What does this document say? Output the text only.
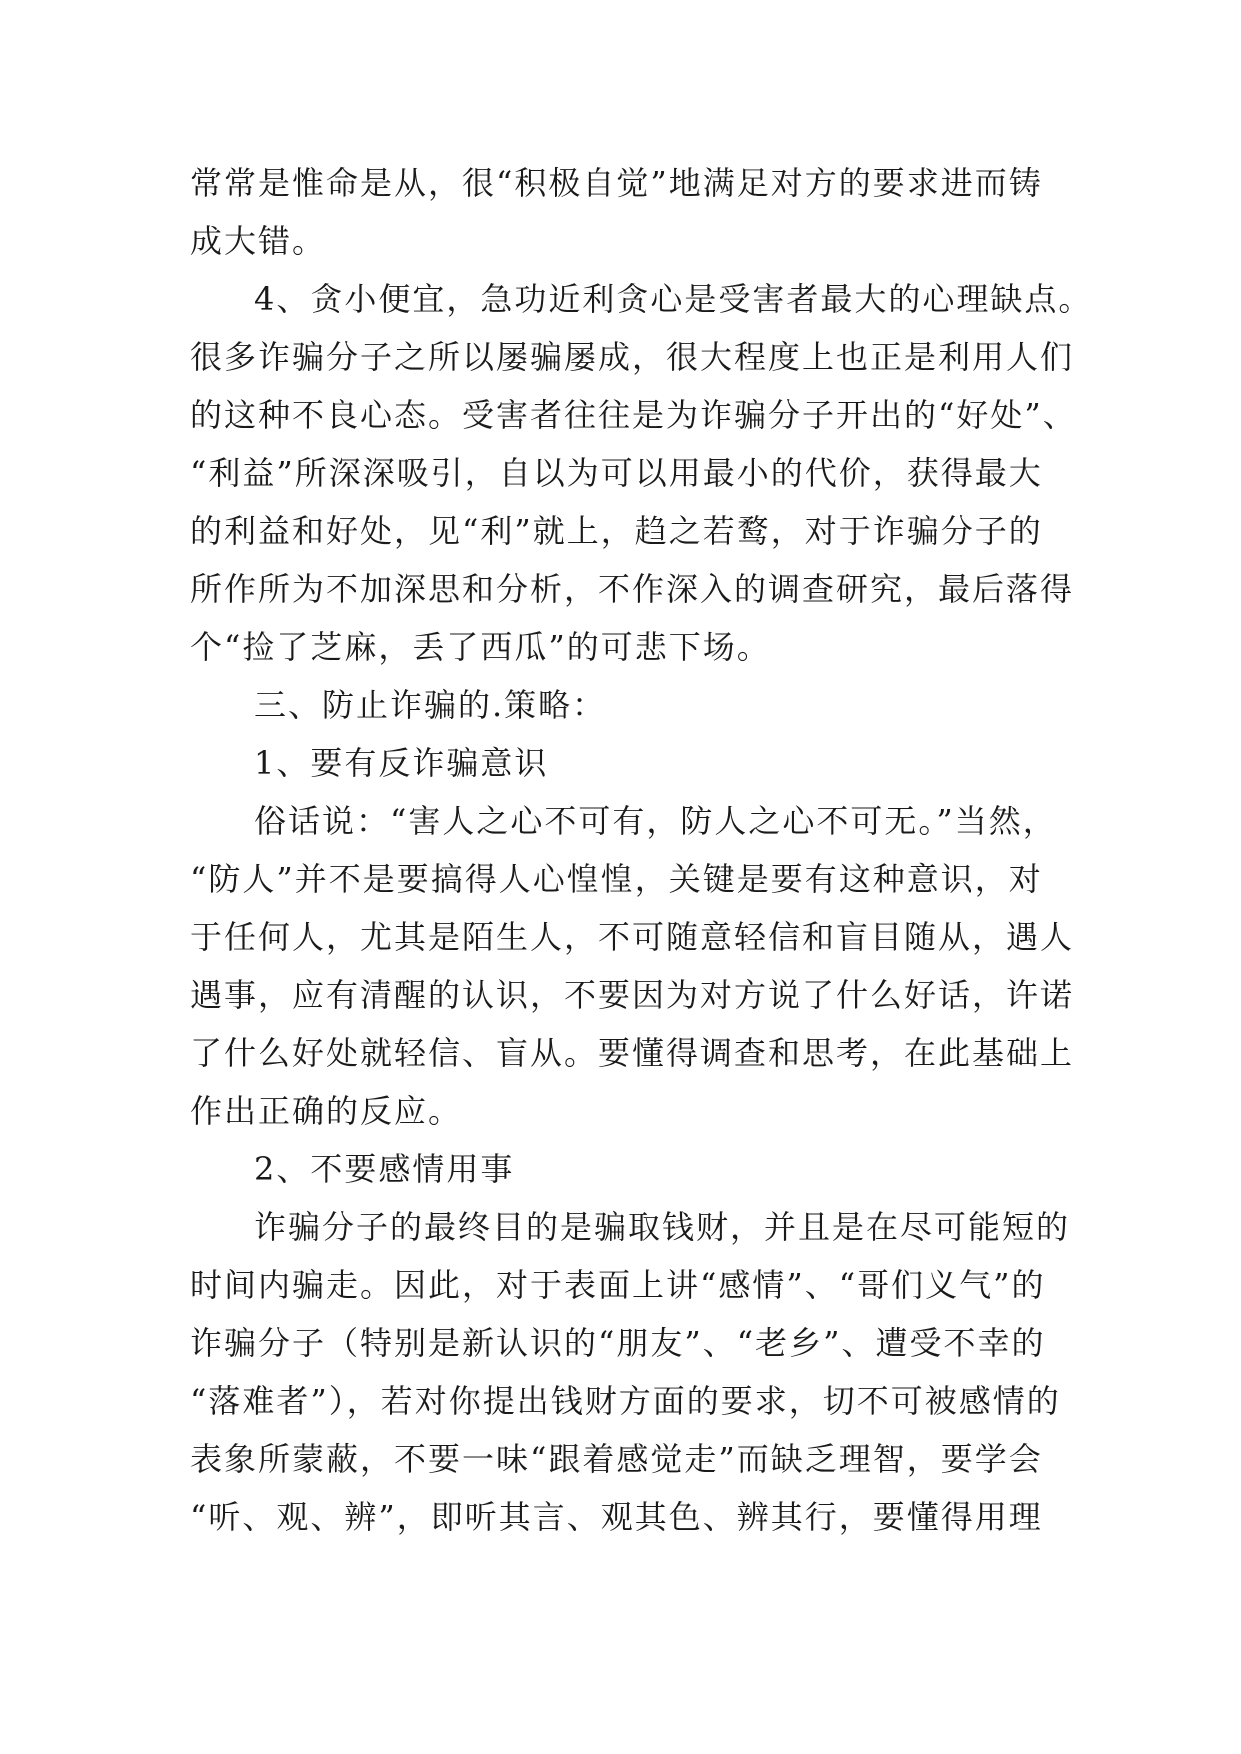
常常是惟命是从，很“积极自觉”地满足对方的要求进而铸
成大错。
4、贪小便宜，急功近利贪心是受害者最大的心理缺点。
很多诈骗分子之所以屡骗屡成，很大程度上也正是利用人们
的这种不良心态。受害者往往是为诈骗分子开出的“好处”、
“利益”所深深吸引，自以为可以用最小的代价，获得最大
的利益和好处，见“利”就上，趋之若鹜，对于诈骗分子的
所作所为不加深思和分析，不作深入的调查研究，最后落得
个“捡了芝麻，丢了西瓜”的可悲下场。
三、防止诈骗的.策略：
1、要有反诈骗意识
俗话说：“害人之心不可有，防人之心不可无。”当然，
“防人”并不是要搞得人心惶惶，关键是要有这种意识，对
于任何人，尤其是陌生人，不可随意轻信和盲目随从，遇人
遇事，应有清醒的认识，不要因为对方说了什么好话，许诺
了什么好处就轻信、盲从。要懂得调查和思考，在此基础上
作出正确的反应。
2、不要感情用事
诈骗分子的最终目的是骗取钱财，并且是在尽可能短的
时间内骗走。因此，对于表面上讲“感情”、“哥们义气”的
诈骗分子（特别是新认识的“朋友”、“老乡”、遭受不幸的
“落难者”），若对你提出钱财方面的要求，切不可被感情的
表象所蒙蔽，不要一味“跟着感觉走”而缺乏理智，要学会
“听、观、辨”，即听其言、观其色、辨其行，要懂得用理
